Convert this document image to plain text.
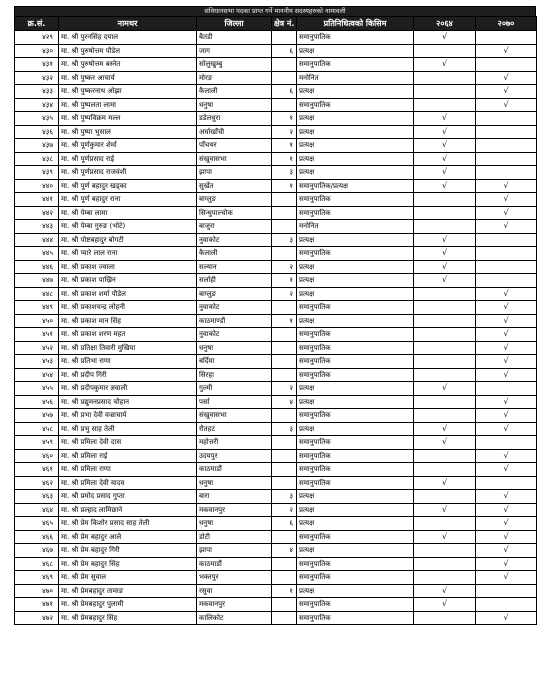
संविधानसभा पदका प्राप्त गर्ने माननीय सदस्यहरुको नामावली
क्र.सं.	नामथर	जिल्ला	क्षेत्र नं.	प्रतिनिधित्वको किसिम	२०६४	२०७०
४२९	मा. श्री पुरनसिंह दयाल	बैतडी		समानुपातिक	√	
४३०	मा. श्री पुरुषोत्तम पौडेल	जाग	६	प्रत्यक्ष		√
४३१	मा. श्री पुरुषोत्तम बस्नेत	सोलुखुम्बु		समानुपातिक	√	
४३२	मा. श्री पुष्कर आचार्य	मोरङ		मनोनित		√
४३३	मा. श्री पुष्करनाथ ओझा	कैलाली	६	प्रत्यक्ष		√
४३४	मा. श्री पुष्पलता लामा	धनुषा		समानुपातिक		√
४३५	मा. श्री पुष्पविक्रम मल्ल	डडेलधुरा	१	प्रत्यक्ष	√	
४३६	मा. श्री पुष्पा भुसाल	अर्घाखाँची	२	प्रत्यक्ष	√	
४३७	मा. श्री पूर्णकुमार शेर्मा	पाँचथर	१	प्रत्यक्ष	√	
४३८	मा. श्री पूर्णप्रसाद राई	संखुवासभा	१	प्रत्यक्ष	√	
४३९	मा. श्री पूर्णप्रसाद राजवंशी	झापा	३	प्रत्यक्ष	√	
४४०	मा. श्री पूर्ण बहादुर खड्का	सुर्खेत	१	समानुपातिक/प्रत्यक्ष	√	√
४४१	मा. श्री पूर्ण बहादुर राना	बाग्लुङ		समानुपातिक		√
४४२	मा. श्री पेम्बा लामा	सिन्धुपाल्चोक		समानुपातिक		√
४४३	मा. श्री पेम्बा गुरुङ (भोटे)	बाजुरा		मनोनित		√
४४४	मा. श्री पोष्टबहादुर बोगटी	नुवाकोट	३	प्रत्यक्ष	√	
४४५	मा. श्री प्यारे लाल राना	कैलाली		समानुपातिक	√	
४४६	मा. श्री प्रकाश ज्वाला	सल्यान	२	प्रत्यक्ष	√	
४४७	मा. श्री प्रकाश पाख्रिन	सर्लाही	१	प्रत्यक्ष	√	
४४८	मा. श्री प्रकाश शर्मा पौडेल	बाग्लुङ	२	प्रत्यक्ष		√
४४९	मा. श्री प्रकाशचन्द्र लोहनी	नुवाकोट		समानुपातिक		√
४५०	मा. श्री प्रकाश मान सिंह	काठमाण्डौं	१	प्रत्यक्ष		√
४५१	मा. श्री प्रकाश शरण महत	नुवाकोट		समानुपातिक		√
४५२	मा. श्री प्रतिक्षा तिवारी मुखिया	धनुषा		समानुपातिक		√
४५३	मा. श्री प्रतिभा राणा	बर्दिया		समानुपातिक		√
४५४	मा. श्री प्रदीप गिरी	सिरहा		समानुपातिक		√
४५५	मा. श्री प्रदीपकुमार ज्ञवाली	गुल्मी	२	प्रत्यक्ष	√	
४५६	मा. श्री प्रद्युमनप्रसाद चौहान	पर्सा	४	प्रत्यक्ष		√
४५७	मा. श्री प्रभा देवी वज्राचार्य	संखुवासभा		समानुपातिक		√
४५८	मा. श्री प्रभु साह तेली	रौतहट	३	प्रत्यक्ष	√	√
४५९	मा. श्री प्रमिला देवी दास	महोत्तरी		समानुपातिक	√	
४६०	मा. श्री प्रमिला राई	उदयपुर		समानुपातिक		√
४६१	मा. श्री प्रमिला राणा	काठमाडौं		समानुपातिक		√
४६२	मा. श्री प्रमिला देवी यादव	धनुषा		समानुपातिक	√	
४६३	मा. श्री प्रमोद प्रसाद गुप्ता	बारा	३	प्रत्यक्ष		√
४६४	मा. श्री प्रल्हाद लामिछाने	मकवानपुर	२	प्रत्यक्ष	√	√
४६५	मा. श्री प्रेम किशोर प्रसाद साह तेली	धनुषा	६	प्रत्यक्ष		√
४६६	मा. श्री प्रेम बहादुर आले	डोटी		समानुपातिक	√	√
४६७	मा. श्री प्रेम बहादुर गिरी	झापा	४	प्रत्यक्ष		√
४६८	मा. श्री प्रेम बहादुर सिंह	काठमाडौं		समानुपातिक		√
४६९	मा. श्री प्रेम सुवाल	भक्तपुर		समानुपातिक		√
४७०	मा. श्री प्रेमबहादुर तामाङ	रसुवा	१	प्रत्यक्ष	√	
४७१	मा. श्री प्रेमबहादुर पुलामी	मकवानपुर		समानुपातिक	√	
४७२	मा. श्री प्रेमबहादुर सिंह	कालिकोट		समानुपातिक		√
